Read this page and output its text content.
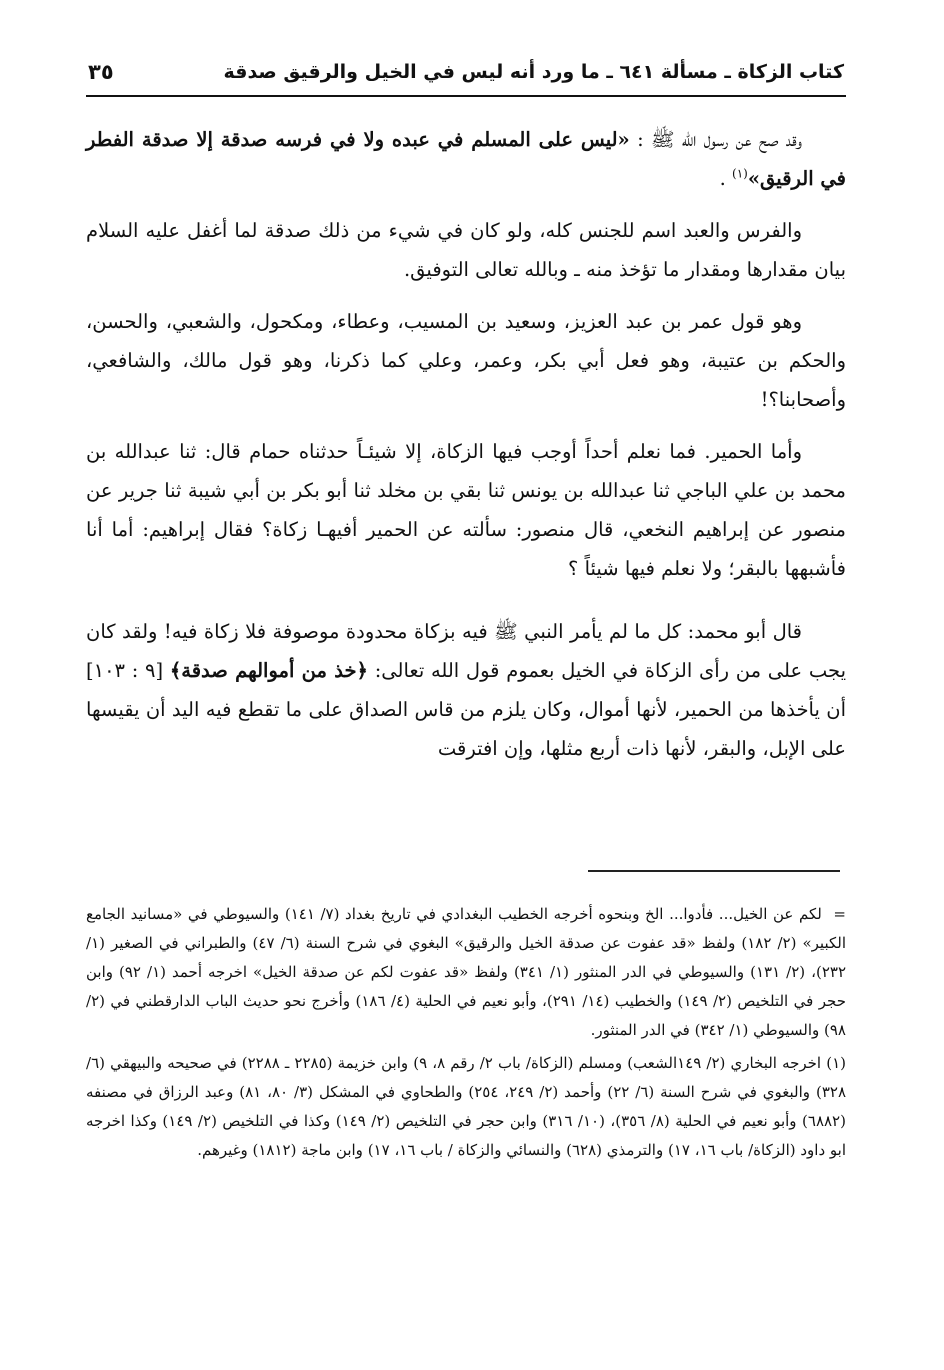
كتاب الزكاة ـ مسألة ٦٤١ ـ ما ورد أنه ليس في الخيل والرقيق صدقة
٣٥

وقد صح عن رسول الله ﷺ : «ليس على المسلم في عبده ولا في فرسه صدقة إلا صدقة الفطر في الرقيق»$^{(١)}$ .

والفرس والعبد اسم للجنس كله، ولو كان في شيء من ذلك صدقة لما أغفل عليه السلام بيان مقدارها ومقدار ما تؤخذ منه ـ وبالله تعالى التوفيق.

وهو قول عمر بن عبد العزيز، وسعيد بن المسيب، وعطاء، ومكحول، والشعبي، والحسن، والحكم بن عتيبة، وهو فعل أبي بكر، وعمر، وعلي كما ذكرنا، وهو قول مالك، والشافعي، وأصحابنا؟!

وأما الحمير. فما نعلم أحداً أوجب فيها الزكاة، إلا شيئـاً حدثناه حمام قال: ثنا عبدالله بن محمد بن علي الباجي ثنا عبدالله بن يونس ثنا بقي بن مخلد ثنا أبو بكر بن أبي شيبة ثنا جرير عن منصور عن إبراهيم النخعي، قال منصور: سألته عن الحمير أفيهـا زكاة؟ فقال إبراهيم: أما أنا فأشبهها بالبقر؛ ولا نعلم فيها شيئاً ؟

قال أبو محمد: كل ما لم يأمر النبي ﷺ فيه بزكاة محدودة موصوفة فلا زكاة فيه! ولقد كان يجب على من رأى الزكاة في الخيل بعموم قول الله تعالى: ﴿خذ من أموالهم صدقة﴾ [٩ : ١٠٣] أن يأخذها من الحمير، لأنها أموال، وكان يلزم من قاس الصداق على ما تقطع فيه اليد أن يقيسها على الإبل، والبقر، لأنها ذات أربع مثلها، وإن افترقت

= لكم عن الخيل... فأدوا... الخ وبنحوه أخرجه الخطيب البغدادي في تاريخ بغداد (٧/ ١٤١) والسيوطي في «مسانيد الجامع الكبير» (٢/ ١٨٢) ولفظ «قد عفوت عن صدقة الخيل والرقيق» البغوي في شرح السنة (٦/ ٤٧) والطبراني في الصغير (١/ ٢٣٢)، (٢/ ١٣١) والسيوطي في الدر المنثور (١/ ٣٤١) ولفظ «قد عفوت لكم عن صدقة الخيل» اخرجه أحمد (١/ ٩٢) وابن حجر في التلخيص (٢/ ١٤٩) والخطيب (١٤/ ٢٩١)، وأبو نعيم في الحلية (٤/ ١٨٦) وأخرج نحو حديث الباب الدارقطني في (٢/ ٩٨) والسيوطي (١/ ٣٤٢) في الدر المنثور.

(١) اخرجه البخاري (٢/ ١٤٩الشعب) ومسلم (الزكاة/ باب ٢/ رقم ٨، ٩) وابن خزيمة (٢٢٨٥ ـ ٢٢٨٨) في صحيحه والبيهقي (٦/ ٣٢٨) والبغوي في شرح السنة (٦/ ٢٢) وأحمد (٢/ ٢٤٩، ٢٥٤) والطحاوي في المشكل (٣/ ٨٠، ٨١) وعبد الرزاق في مصنفه (٦٨٨٢) وأبو نعيم في الحلية (٨/ ٣٥٦)، (١٠/ ٣١٦) وابن حجر في التلخيص (٢/ ١٤٩) وكذا في التلخيص (٢/ ١٤٩) وكذا اخرجه ابو داود (الزكاة/ باب ١٦، ١٧) والترمذي (٦٢٨) والنسائي والزكاة / باب ١٦، ١٧) وابن ماجة (١٨١٢) وغيرهم.
